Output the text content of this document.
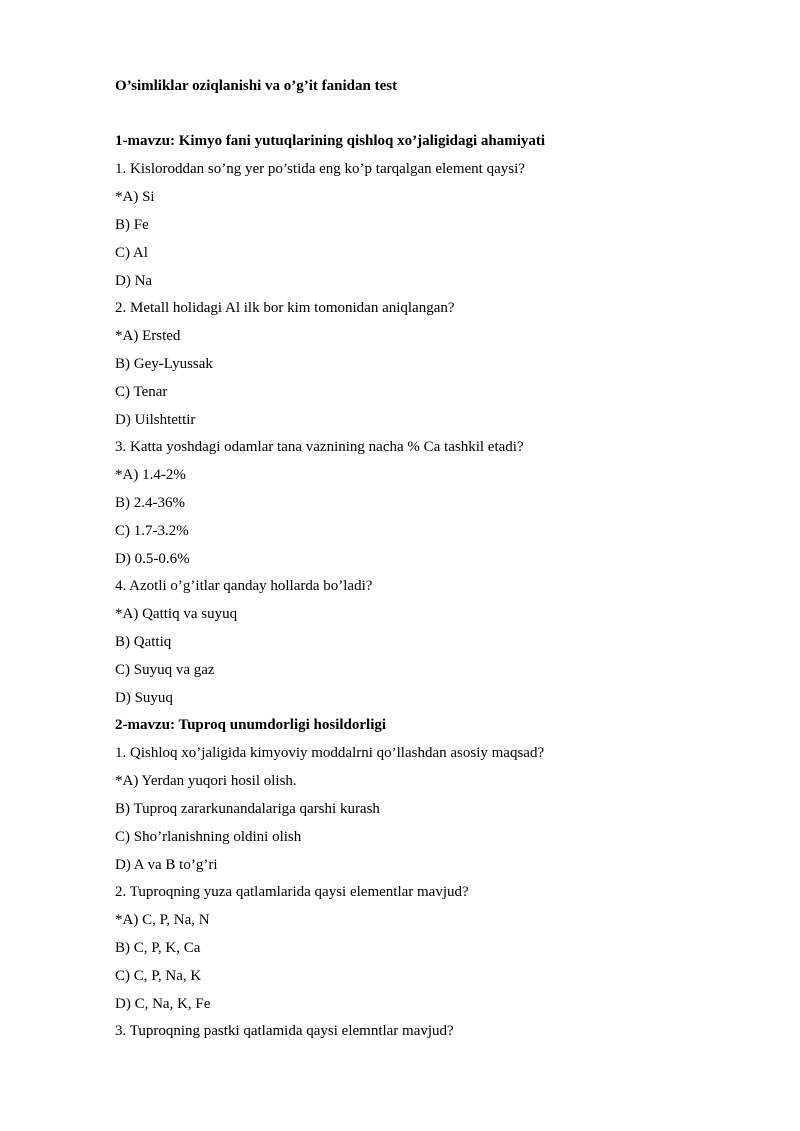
O’simliklar oziqlanishi va o’g’it fanidan test
1-mavzu: Kimyo fani yutuqlarining qishloq xo’jaligidagi ahamiyati
1. Kisloroddan so’ng yer po’stida eng ko’p tarqalgan element qaysi?
*A) Si
B) Fe
C) Al
D) Na
2. Metall holidagi Al ilk bor kim tomonidan aniqlangan?
*A) Ersted
B) Gey-Lyussak
C) Tenar
D) Uilshtettir
3. Katta yoshdagi odamlar tana vaznining nacha % Ca tashkil etadi?
*A) 1.4-2%
B) 2.4-36%
C) 1.7-3.2%
D) 0.5-0.6%
4. Azotli o’g’itlar qanday hollarda bo’ladi?
*A) Qattiq va suyuq
B) Qattiq
C) Suyuq va gaz
D) Suyuq
2-mavzu: Tuproq unumdorligi hosildorligi
1. Qishloq xo’jaligida kimyoviy moddalrni qo’llashdan asosiy maqsad?
*A) Yerdan yuqori hosil olish.
B) Tuproq zararkunandalariga qarshi kurash
C) Sho’rlanishning oldini olish
D) A va B to’g’ri
2. Tuproqning yuza qatlamlarida qaysi elementlar mavjud?
*A) C, P, Na, N
B) C, P, K, Ca
C) C, P, Na, K
D) C, Na, K, Fe
3. Tuproqning pastki qatlamida qaysi elemntlar mavjud?
